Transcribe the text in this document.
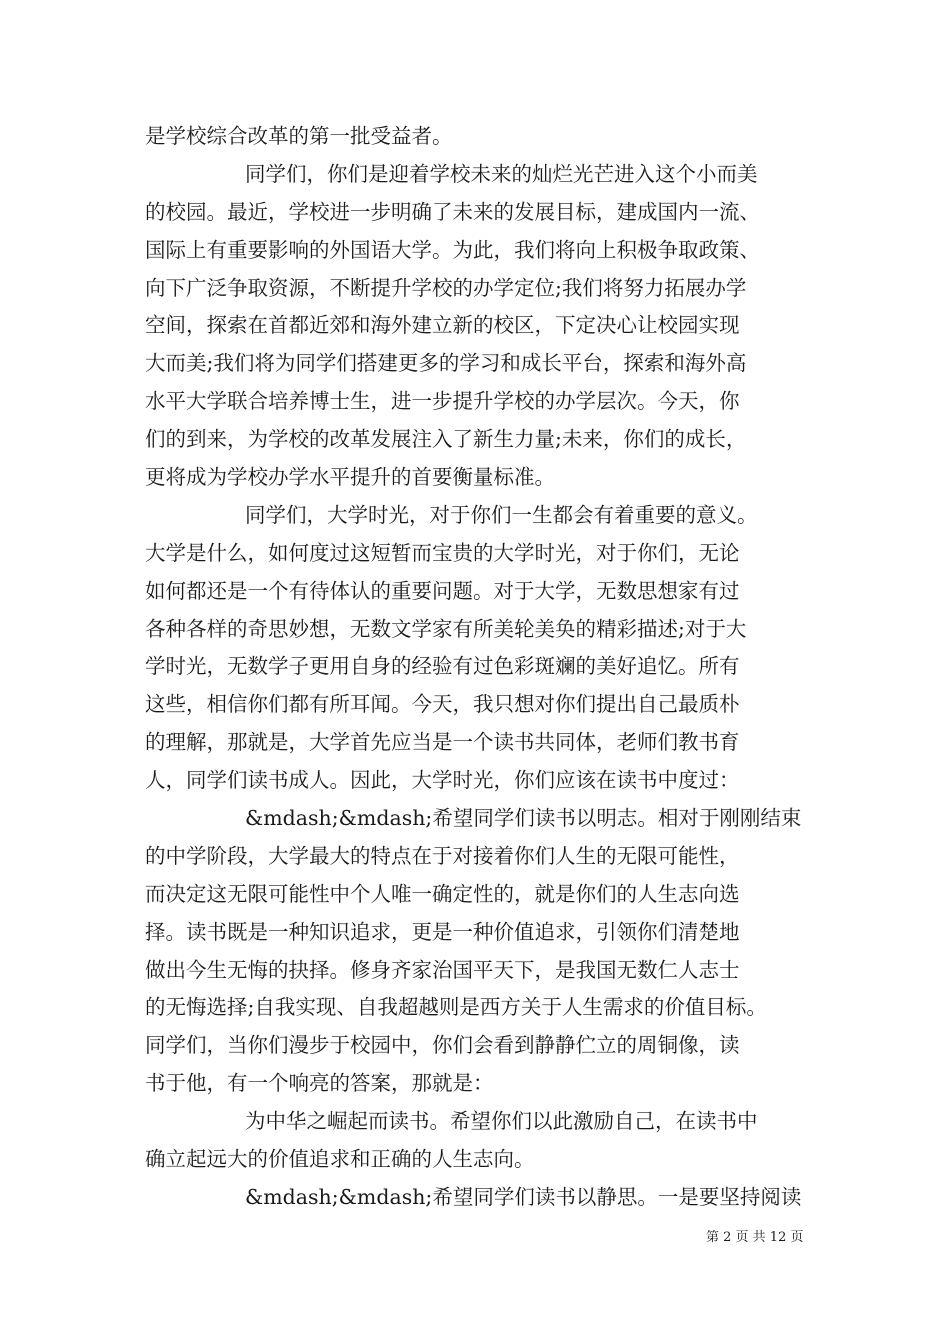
是学校综合改革的第一批受益者。
同学们，你们是迎着学校未来的灿烂光芒进入这个小而美
的校园。最近，学校进一步明确了未来的发展目标，建成国内一流、
国际上有重要影响的外国语大学。为此，我们将向上积极争取政策、
向下广泛争取资源，不断提升学校的办学定位;我们将努力拓展办学
空间，探索在首都近郊和海外建立新的校区，下定决心让校园实现
大而美;我们将为同学们搭建更多的学习和成长平台，探索和海外高
水平大学联合培养博士生，进一步提升学校的办学层次。今天，你
们的到来，为学校的改革发展注入了新生力量;未来，你们的成长，
更将成为学校办学水平提升的首要衡量标准。
同学们，大学时光，对于你们一生都会有着重要的意义。
大学是什么，如何度过这短暂而宝贵的大学时光，对于你们，无论
如何都还是一个有待体认的重要问题。对于大学，无数思想家有过
各种各样的奇思妙想，无数文学家有所美轮美奂的精彩描述;对于大
学时光，无数学子更用自身的经验有过色彩斑斓的美好追忆。所有
这些，相信你们都有所耳闻。今天，我只想对你们提出自己最质朴
的理解，那就是，大学首先应当是一个读书共同体，老师们教书育
人，同学们读书成人。因此，大学时光，你们应该在读书中度过：
&mdash;&mdash;希望同学们读书以明志。相对于刚刚结束
的中学阶段，大学最大的特点在于对接着你们人生的无限可能性，
而决定这无限可能性中个人唯一确定性的，就是你们的人生志向选
择。读书既是一种知识追求，更是一种价值追求，引领你们清楚地
做出今生无悔的抉择。修身齐家治国平天下，是我国无数仁人志士
的无悔选择;自我实现、自我超越则是西方关于人生需求的价值目标。
同学们，当你们漫步于校园中，你们会看到静静伫立的周铜像，读
书于他，有一个响亮的答案，那就是：
为中华之崛起而读书。希望你们以此激励自己，在读书中
确立起远大的价值追求和正确的人生志向。
&mdash;&mdash;希望同学们读书以静思。一是要坚持阅读
第 2 页 共 12 页
